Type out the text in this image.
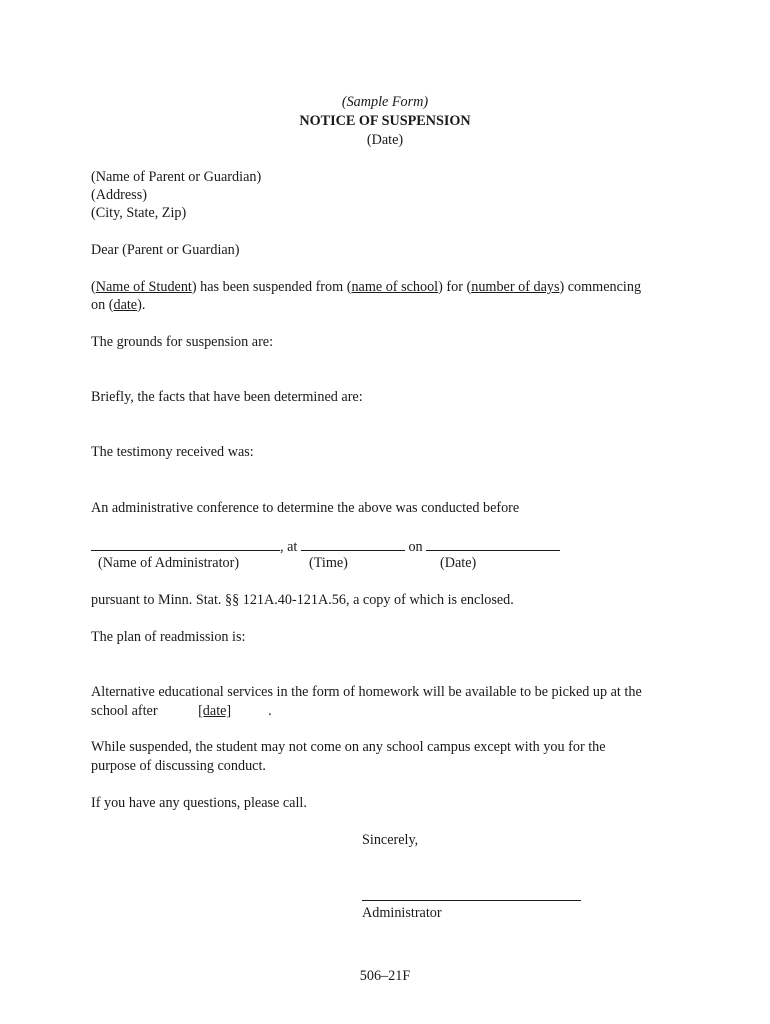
(Sample Form)
NOTICE OF SUSPENSION
(Date)
(Name of Parent or Guardian)
(Address)
(City, State, Zip)
Dear (Parent or Guardian)
(Name of Student) has been suspended from (name of school) for (number of days) commencing
on (date).
The grounds for suspension are:
Briefly, the facts that have been determined are:
The testimony received was:
An administrative conference to determine the above was conducted before
, at	on
(Name of Administrator)	(Time)	(Date)
pursuant to Minn. Stat. §§ 121A.40-121A.56, a copy of which is enclosed.
The plan of readmission is:
Alternative educational services in the form of homework will be available to be picked up at the
school after	[date]	.
While suspended, the student may not come on any school campus except with you for the
purpose of discussing conduct.
If you have any questions, please call.
Sincerely,
Administrator
506–21F
